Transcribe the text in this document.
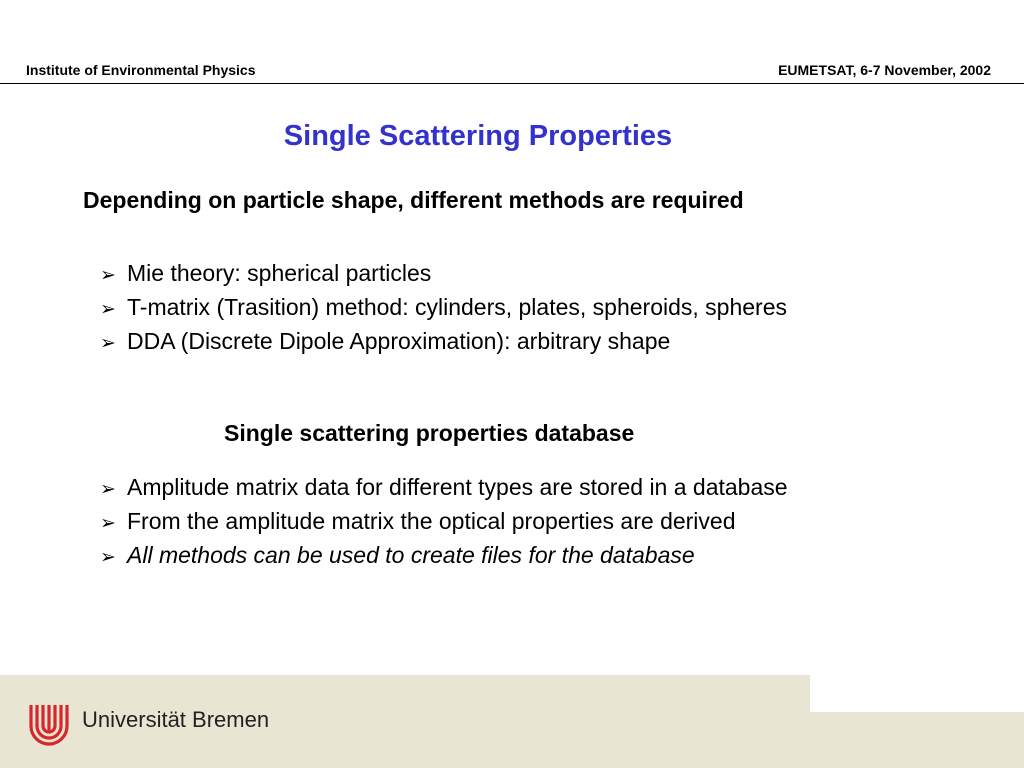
Institute of Environmental Physics	EUMETSAT, 6-7 November, 2002
Single Scattering Properties
Depending on particle shape, different methods are required
➢ Mie theory: spherical particles
➢ T-matrix (Trasition) method: cylinders, plates, spheroids, spheres
➢ DDA (Discrete Dipole Approximation): arbitrary shape
Single scattering properties database
➢ Amplitude matrix data for different types are stored in a database
➢ From the amplitude matrix the optical properties are derived
➢ All methods can be used to create files for the database
Universität Bremen
